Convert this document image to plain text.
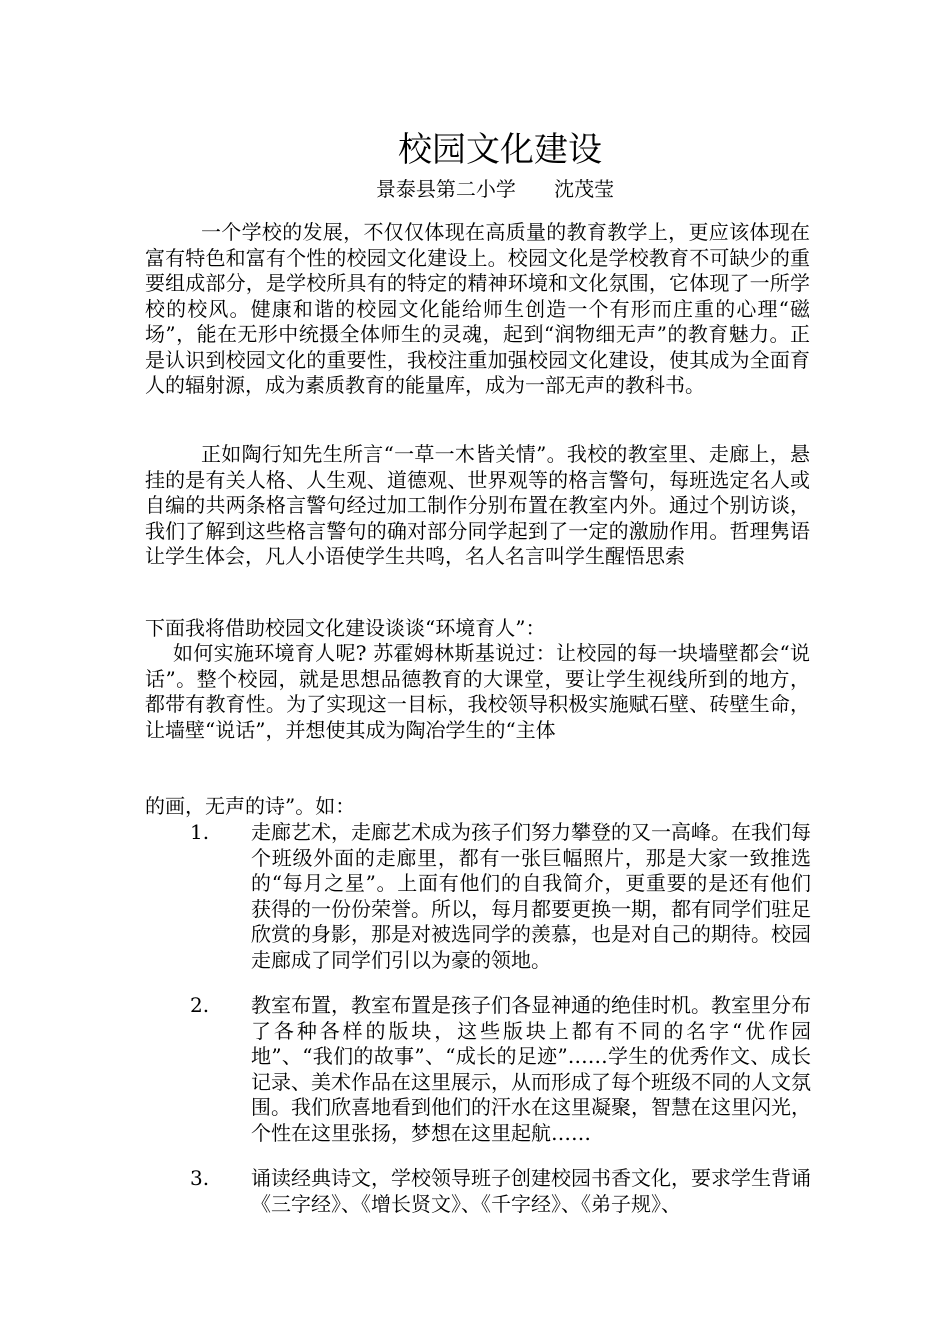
校园文化建设
景泰县第二小学      沈茂莹
一个学校的发展，不仅仅体现在高质量的教育教学上，更应该体现在富有特色和富有个性的校园文化建设上。校园文化是学校教育不可缺少的重要组成部分，是学校所具有的特定的精神环境和文化氛围，它体现了一所学校的校风。健康和谐的校园文化能给师生创造一个有形而庄重的心理“磁场”，能在无形中统摄全体师生的灵魂，起到“润物细无声”的教育魅力。正是认识到校园文化的重要性，我校注重加强校园文化建设，使其成为全面育人的辐射源，成为素质教育的能量库，成为一部无声的教科书。
正如陶行知先生所言“一草一木皆关情”。我校的教室里、走廊上，悬挂的是有关人格、人生观、道德观、世界观等的格言警句，每班选定名人或自编的共两条格言警句经过加工制作分别布置在教室内外。通过个别访谈，我们了解到这些格言警句的确对部分同学起到了一定的激励作用。哲理隽语让学生体会，凡人小语使学生共鸣，名人名言叫学生醒悟思索
下面我将借助校园文化建设谈谈“环境育人”：
如何实施环境育人呢? 苏霍姆林斯基说过：让校园的每一块墙壁都会“说话”。整个校园，就是思想品德教育的大课堂，要让学生视线所到的地方，都带有教育性。为了实现这一目标，我校领导积极实施赋石壁、砖壁生命，让墙壁“说话”，并想使其成为陶冶学生的“主体
的画，无声的诗”。如：
1.	走廊艺术，走廊艺术成为孩子们努力攀登的又一高峰。在我们每个班级外面的走廊里，都有一张巨幅照片，那是大家一致推选的“每月之星”。上面有他们的自我简介，更重要的是还有他们获得的一份份荣誉。所以，每月都要更换一期，都有同学们驻足欣赏的身影，那是对被选同学的羡慕，也是对自己的期待。校园走廊成了同学们引以为豪的领地。
2.	教室布置，教室布置是孩子们各显神通的绝佳时机。教室里分布了各种各样的版块，这些版块上都有不同的名字“优作园地”、“我们的故事”、“成长的足迹”……学生的优秀作文、成长记录、美术作品在这里展示，从而形成了每个班级不同的人文氛围。我们欣喜地看到他们的汗水在这里凝聚，智慧在这里闪光，个性在这里张扬，梦想在这里起航……
3.	诵读经典诗文，学校领导班子创建校园书香文化，要求学生背诵《三字经》、《增长贤文》、《千字经》、《弟子规》、
